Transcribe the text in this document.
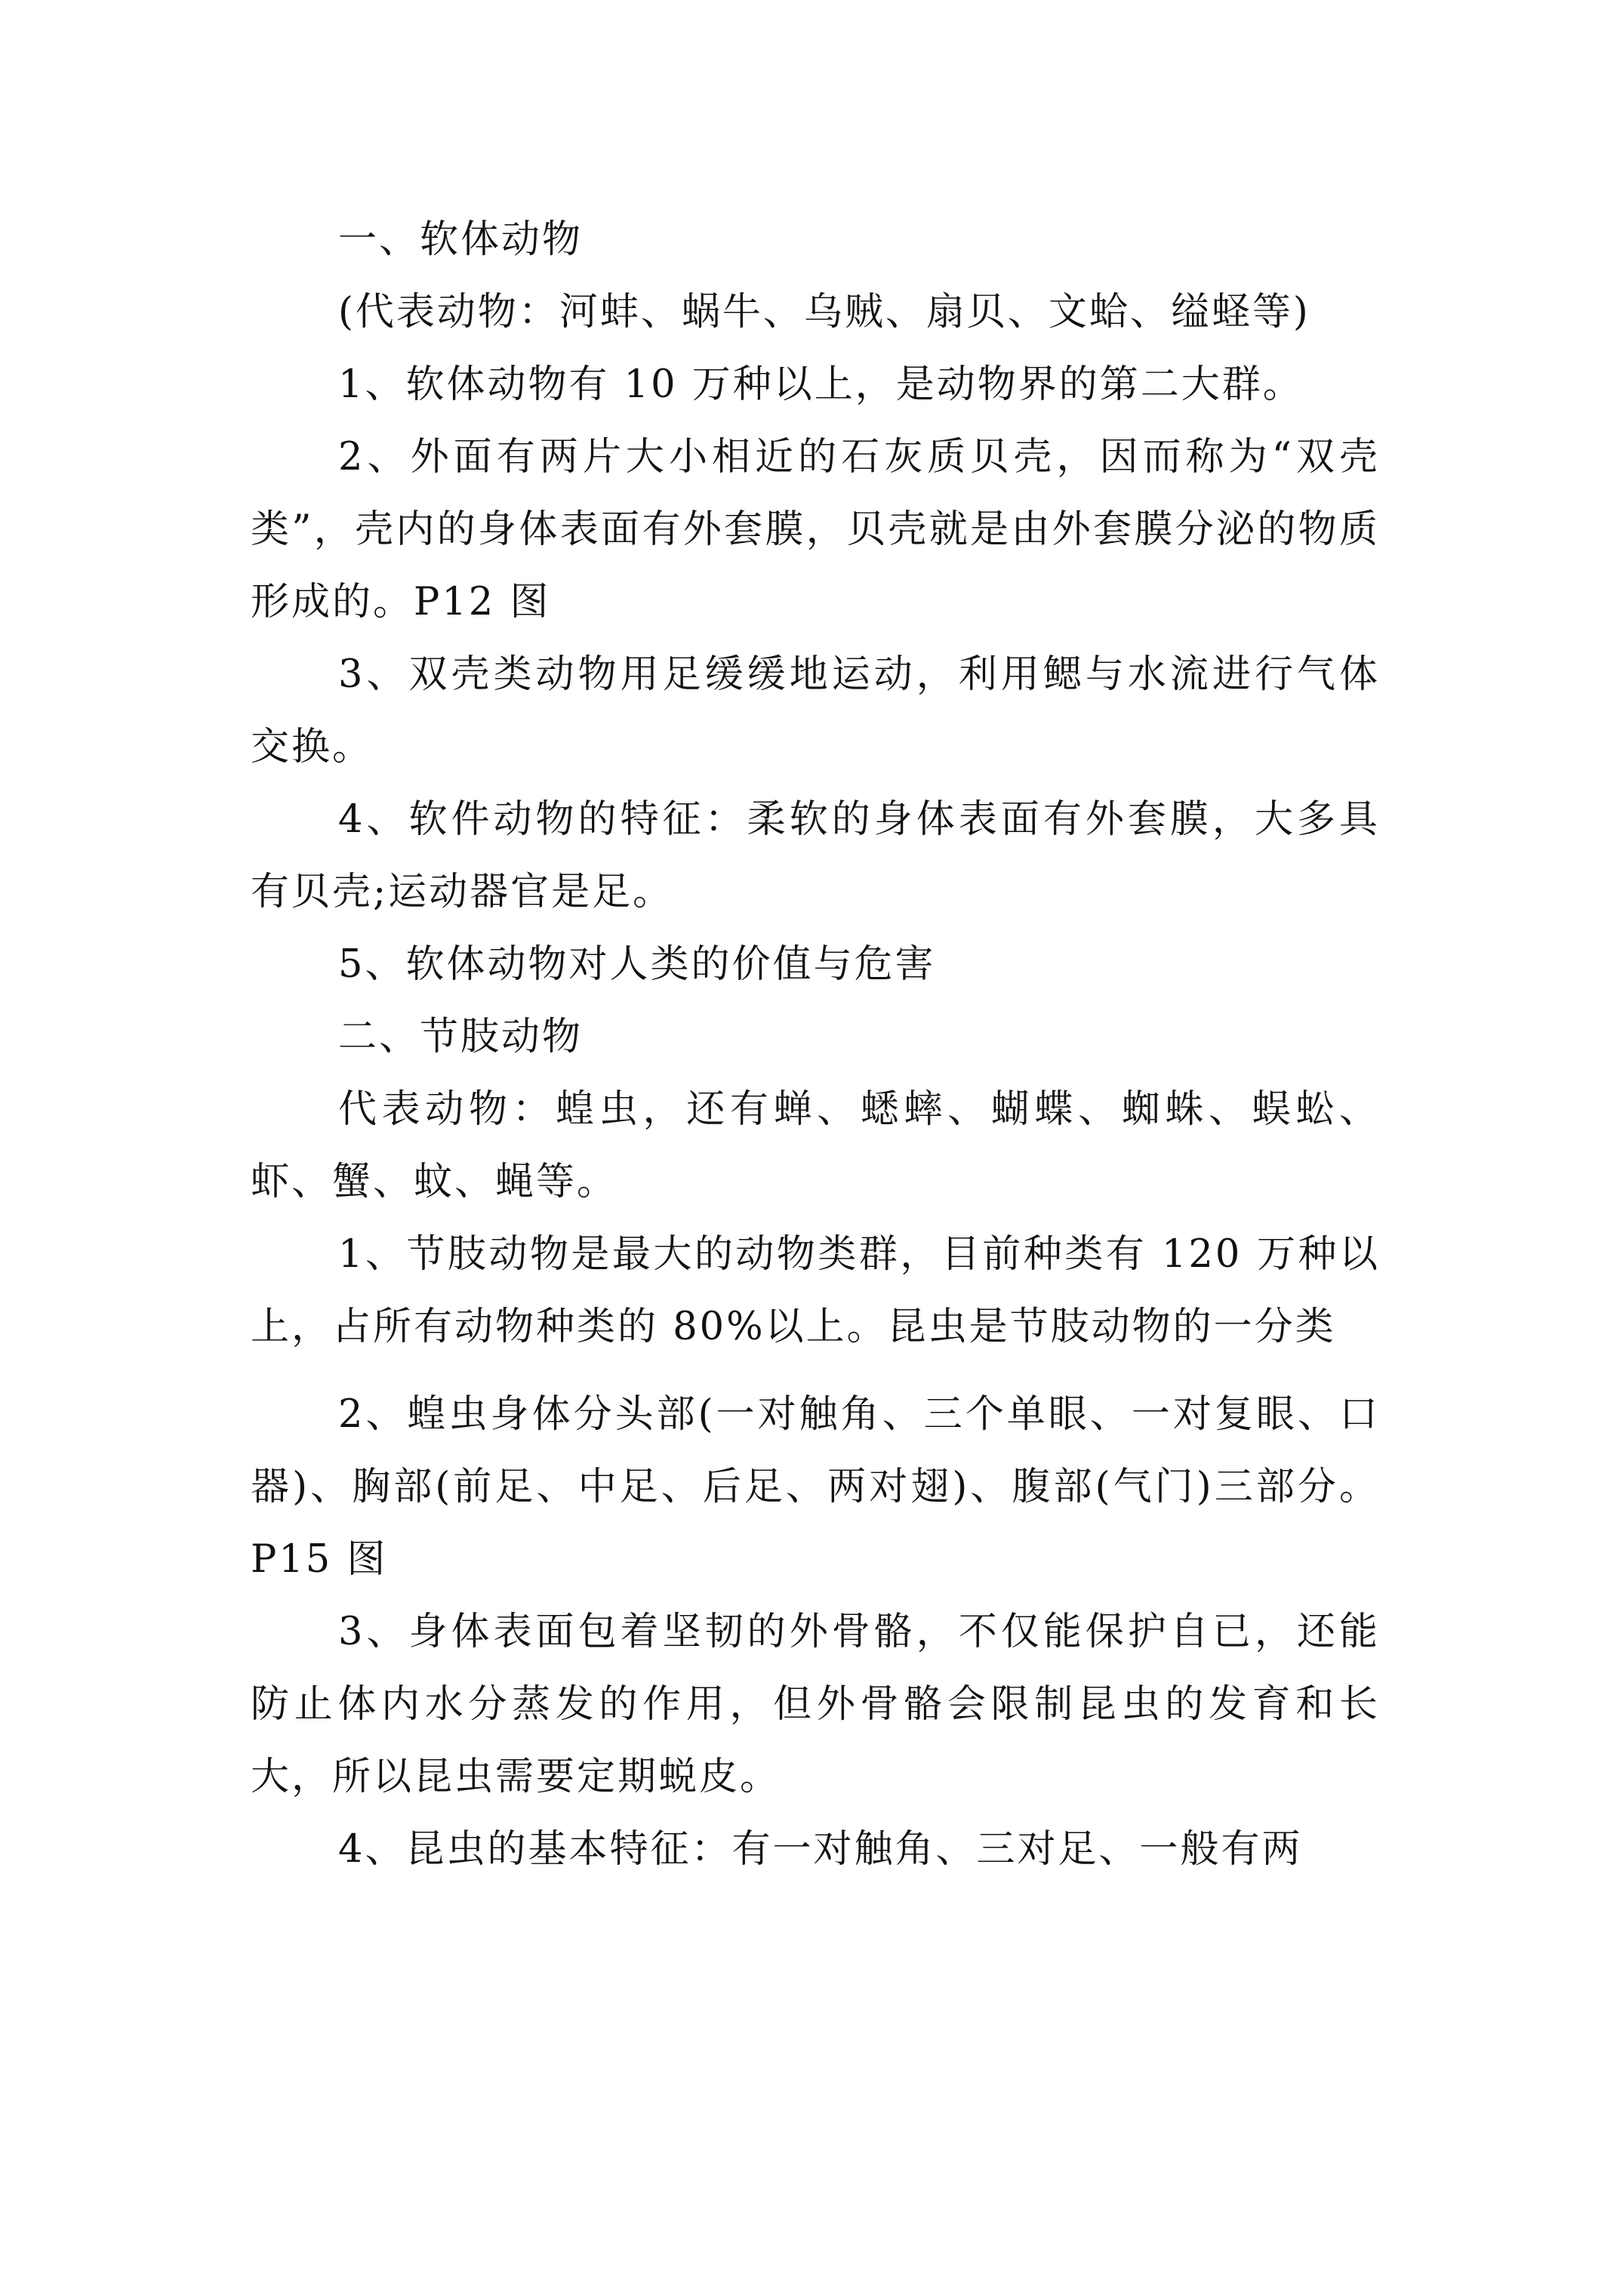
一、软体动物

(代表动物：河蚌、蜗牛、乌贼、扇贝、文蛤、缢蛏等)

1、软体动物有 10 万种以上，是动物界的第二大群。

2、外面有两片大小相近的石灰质贝壳，因而称为“双壳类”，壳内的身体表面有外套膜，贝壳就是由外套膜分泌的物质形成的。P12 图

3、双壳类动物用足缓缓地运动，利用鳃与水流进行气体交换。

4、软件动物的特征：柔软的身体表面有外套膜，大多具有贝壳;运动器官是足。

5、软体动物对人类的价值与危害

二、节肢动物

代表动物：蝗虫，还有蝉、蟋蟀、蝴蝶、蜘蛛、蜈蚣、虾、蟹、蚊、蝇等。

1、节肢动物是最大的动物类群，目前种类有 120 万种以上，占所有动物种类的 80%以上。昆虫是节肢动物的一分类

2、蝗虫身体分头部(一对触角、三个单眼、一对复眼、口器)、胸部(前足、中足、后足、两对翅)、腹部(气门)三部分。P15 图

3、身体表面包着坚韧的外骨骼，不仅能保护自已，还能防止体内水分蒸发的作用，但外骨骼会限制昆虫的发育和长大，所以昆虫需要定期蜕皮。

4、昆虫的基本特征：有一对触角、三对足、一般有两
